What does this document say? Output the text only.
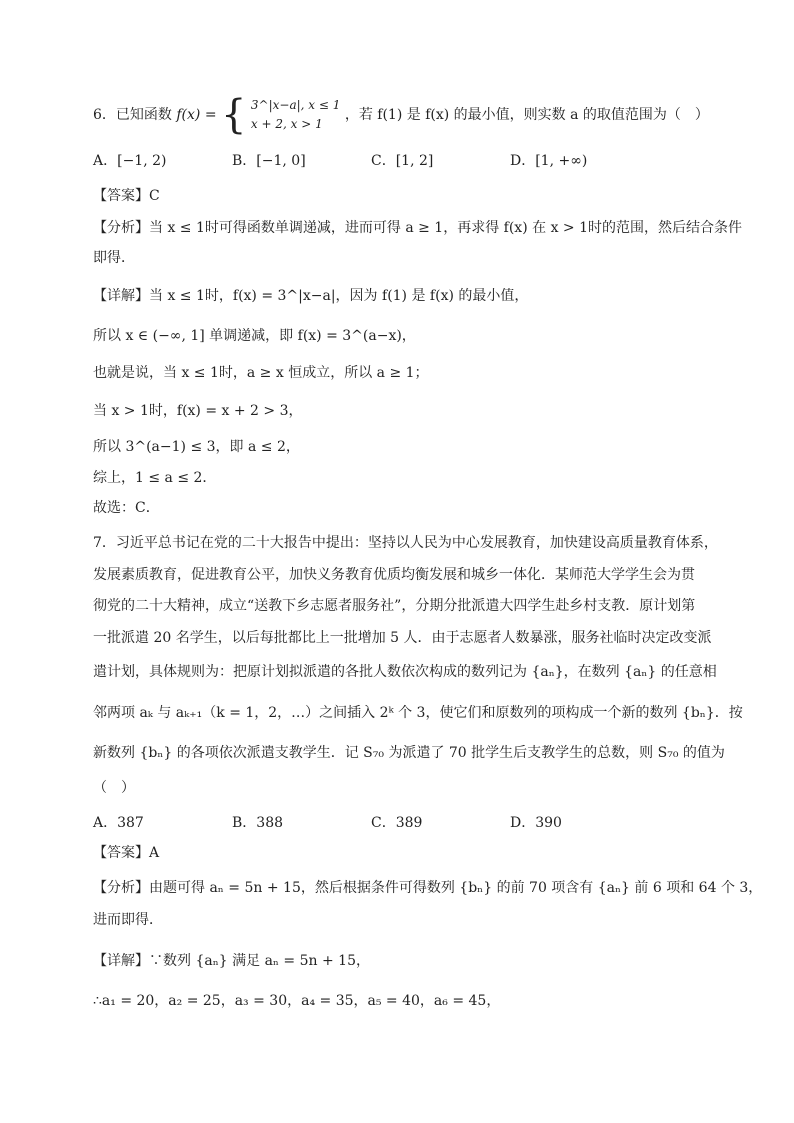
6．已知函数 f(x) = { 3^|x−a|, x ≤ 1
x + 2, x > 1 ，若 f(1) 是 f(x) 的最小值，则实数 a 的取值范围为（　）
A．[−1, 2)	B．[−1, 0]	C．[1, 2]	D．[1, +∞)
【答案】C
【分析】当 x ≤ 1时可得函数单调递减，进而可得 a ≥ 1，再求得 f(x) 在 x > 1时的范围，然后结合条件
即得．
【详解】当 x ≤ 1时，f(x) = 3^|x−a|，因为 f(1) 是 f(x) 的最小值，
所以 x ∈ (−∞, 1] 单调递减，即 f(x) = 3^(a−x)，
也就是说，当 x ≤ 1时，a ≥ x 恒成立，所以 a ≥ 1；
当 x > 1时，f(x) = x + 2 > 3，
所以 3^(a−1) ≤ 3，即 a ≤ 2，
综上，1 ≤ a ≤ 2．
故选：C．
7．习近平总书记在党的二十大报告中提出：坚持以人民为中心发展教育，加快建设高质量教育体系，
发展素质教育，促进教育公平，加快义务教育优质均衡发展和城乡一体化．某师范大学学生会为贯
彻党的二十大精神，成立“送教下乡志愿者服务社”，分期分批派遣大四学生赴乡村支教．原计划第
一批派遣 20 名学生，以后每批都比上一批增加 5 人．由于志愿者人数暴涨，服务社临时决定改变派
遣计划，具体规则为：把原计划拟派遣的各批人数依次构成的数列记为 {aₙ}，在数列 {aₙ} 的任意相
邻两项 aₖ 与 aₖ₊₁（k = 1，2，…）之间插入 2ᵏ 个 3，使它们和原数列的项构成一个新的数列 {bₙ}．按
新数列 {bₙ} 的各项依次派遣支教学生．记 S₇₀ 为派遣了 70 批学生后支教学生的总数，则 S₇₀ 的值为
（　）
A．387	B．388	C．389	D．390
【答案】A
【分析】由题可得 aₙ = 5n + 15，然后根据条件可得数列 {bₙ} 的前 70 项含有 {aₙ} 前 6 项和 64 个 3，
进而即得．
【详解】∵数列 {aₙ} 满足 aₙ = 5n + 15，
∴a₁ = 20，a₂ = 25，a₃ = 30，a₄ = 35，a₅ = 40，a₆ = 45，
